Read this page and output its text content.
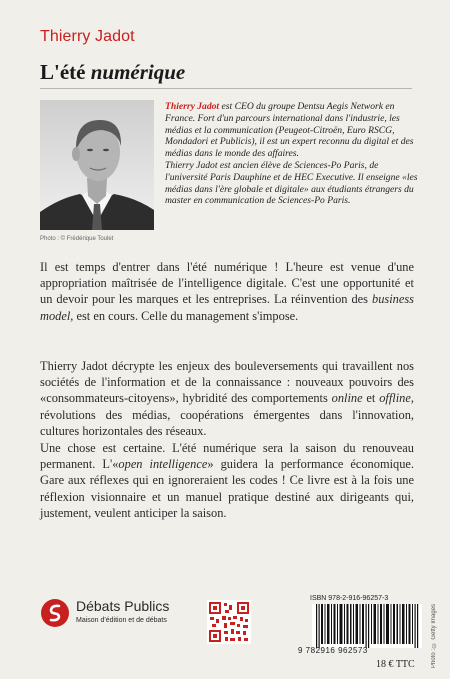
Thierry Jadot
L'été numérique
Photo : © Frédérique Toulet
Thierry Jadot est CEO du groupe Dentsu Aegis Network en France. Fort d'un parcours international dans l'industrie, les médias et la communication (Peugeot-Citroën, Euro RSCG, Mondadori et Publicis), il est un expert reconnu du digital et des médias dans le monde des affaires.
Thierry Jadot est ancien élève de Sciences-Po Paris, de l'université Paris Dauphine et de HEC Executive. Il enseigne «les médias dans l'ère globale et digitale» aux étudiants étrangers du master en communication de Sciences-Po Paris.
Il est temps d'entrer dans l'été numérique ! L'heure est venue d'une appropriation maîtrisée de l'intelligence digitale. C'est une opportunité et un devoir pour les marques et les entreprises. La réinvention des business model, est en cours. Celle du management s'impose.
Thierry Jadot décrypte les enjeux des bouleversements qui travaillent nos sociétés de l'information et de la connaissance : nouveaux pouvoirs des «consommateurs-citoyens», hybridité des comportements online et offline, révolutions des médias, coopérations émergentes dans l'innovation, cultures horizontales des réseaux.
Une chose est certaine. L'été numérique sera la saison du renouveau permanent. L'«open intelligence» guidera la performance économique. Gare aux réflexes qui en ignoreraient les codes ! Ce livre est à la fois une réflexion visionnaire et un manuel pratique destiné aux dirigeants qui, justement, veulent anticiper la saison.
Débats Publics
Maison d'édition et de débats
ISBN 978-2-916-96257-3
9 782916 962573
18 € TTC	Photo : © Getty Images
